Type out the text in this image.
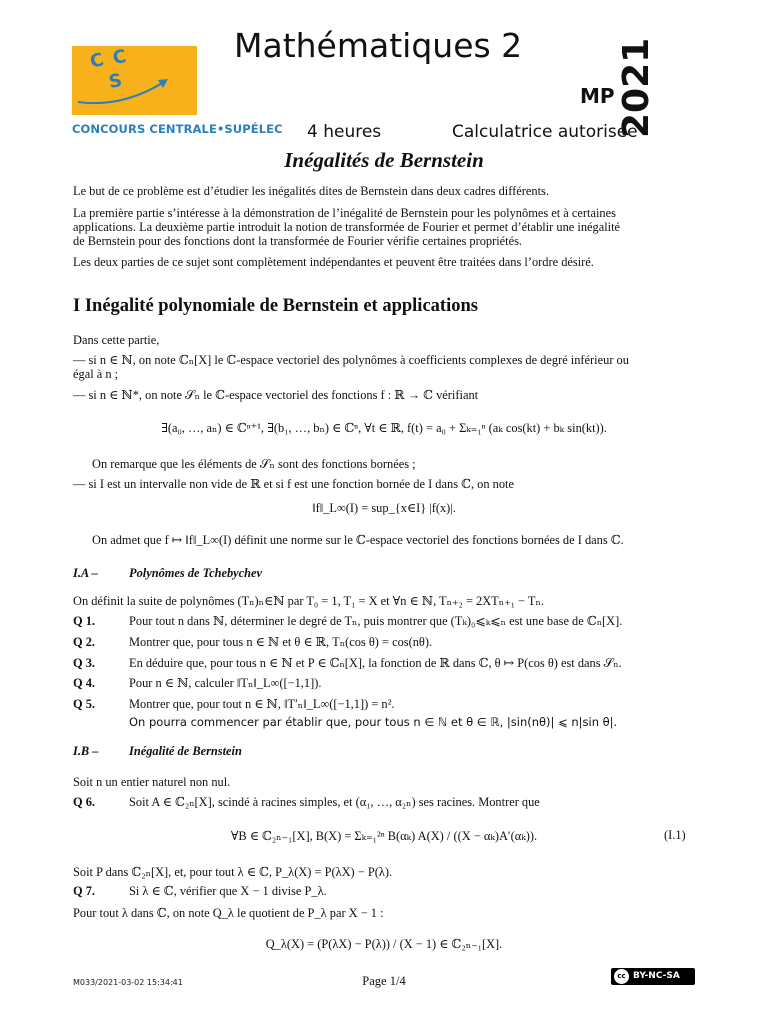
C C
S
CONCOURS CENTRALE•SUPÉLEC
Mathématiques 2
MP 2021
4 heures	Calculatrice autorisée
Inégalités de Bernstein
Le but de ce problème est d’étudier les inégalités dites de Bernstein dans deux cadres différents.
La première partie s’intéresse à la démonstration de l’inégalité de Bernstein pour les polynômes et à certaines
applications. La deuxième partie introduit la notion de transformée de Fourier et permet d’établir une inégalité
de Bernstein pour des fonctions dont la transformée de Fourier vérifie certaines propriétés.
Les deux parties de ce sujet sont complètement indépendantes et peuvent être traitées dans l’ordre désiré.
I Inégalité polynomiale de Bernstein et applications
Dans cette partie,
— si n ∈ ℕ, on note ℂₙ[X] le ℂ-espace vectoriel des polynômes à coefficients complexes de degré inférieur ou
égal à n ;
— si n ∈ ℕ*, on note 𝒮ₙ le ℂ-espace vectoriel des fonctions f : ℝ → ℂ vérifiant
∃(a₀, …, aₙ) ∈ ℂⁿ⁺¹, ∃(b₁, …, bₙ) ∈ ℂⁿ, ∀t ∈ ℝ, f(t) = a₀ + Σₖ₌₁ⁿ (aₖ cos(kt) + bₖ sin(kt)).
On remarque que les éléments de 𝒮ₙ sont des fonctions bornées ;
— si I est un intervalle non vide de ℝ et si f est une fonction bornée de I dans ℂ, on note
‖f‖_L∞(I) = sup_{x∈I} |f(x)|.
On admet que f ↦ ‖f‖_L∞(I) définit une norme sur le ℂ-espace vectoriel des fonctions bornées de I dans ℂ.
I.A –	Polynômes de Tchebychev
On définit la suite de polynômes (Tₙ)ₙ∈ℕ par T₀ = 1, T₁ = X et ∀n ∈ ℕ, Tₙ₊₂ = 2XTₙ₊₁ − Tₙ.
Q 1.	Pour tout n dans ℕ, déterminer le degré de Tₙ, puis montrer que (Tₖ)₀⩽ₖ⩽ₙ est une base de ℂₙ[X].
Q 2.	Montrer que, pour tous n ∈ ℕ et θ ∈ ℝ, Tₙ(cos θ) = cos(nθ).
Q 3.	En déduire que, pour tous n ∈ ℕ et P ∈ ℂₙ[X], la fonction de ℝ dans ℂ, θ ↦ P(cos θ) est dans 𝒮ₙ.
Q 4.	Pour n ∈ ℕ, calculer ‖Tₙ‖_L∞([−1,1]).
Q 5.	Montrer que, pour tout n ∈ ℕ, ‖T′ₙ‖_L∞([−1,1]) = n².
On pourra commencer par établir que, pour tous n ∈ ℕ et θ ∈ ℝ, |sin(nθ)| ⩽ n|sin θ|.
I.B – Inégalité de Bernstein
Soit n un entier naturel non nul.
Q 6.	Soit A ∈ ℂ₂ₙ[X], scindé à racines simples, et (α₁, …, α₂ₙ) ses racines. Montrer que
∀B ∈ ℂ₂ₙ₋₁[X], B(X) = Σₖ₌₁²ⁿ B(αₖ) A(X) / ((X − αₖ)A′(αₖ)).	(I.1)
Soit P dans ℂ₂ₙ[X], et, pour tout λ ∈ ℂ, P_λ(X) = P(λX) − P(λ).
Q 7.	Si λ ∈ ℂ, vérifier que X − 1 divise P_λ.
Pour tout λ dans ℂ, on note Q_λ le quotient de P_λ par X − 1 :
Q_λ(X) = (P(λX) − P(λ)) / (X − 1) ∈ ℂ₂ₙ₋₁[X].
M033/2021-03-02 15:34:41	Page 1/4	cc BY-NC-SA
